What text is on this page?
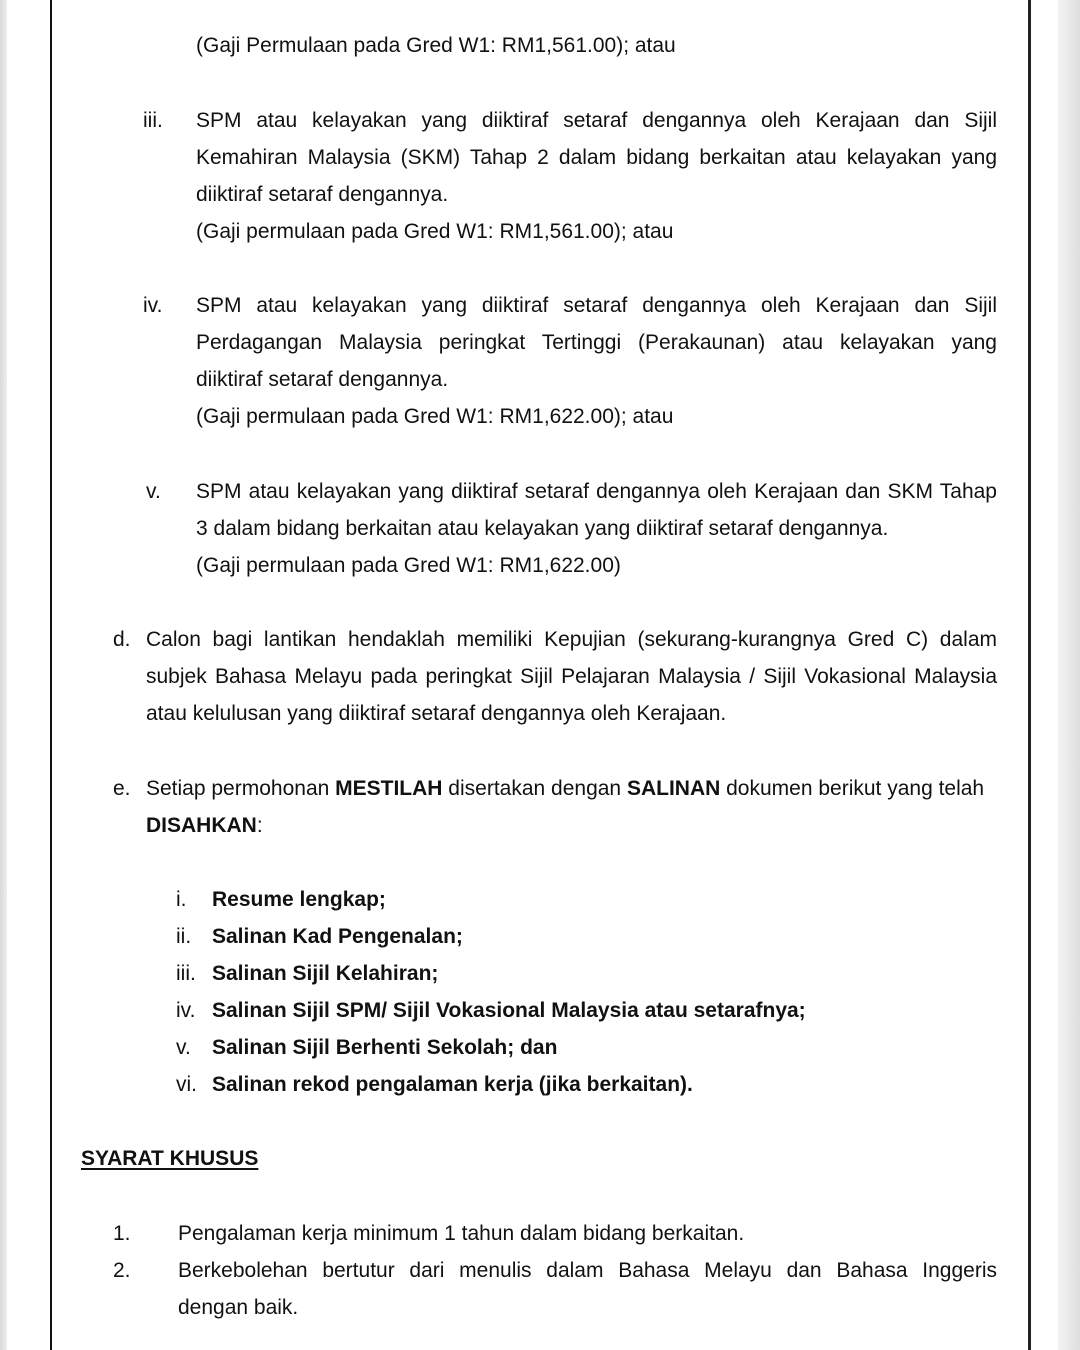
(Gaji Permulaan pada Gred W1: RM1,561.00); atau
iii. SPM atau kelayakan yang diiktiraf setaraf dengannya oleh Kerajaan dan Sijil
Kemahiran Malaysia (SKM) Tahap 2 dalam bidang berkaitan atau kelayakan yang
diiktiraf setaraf dengannya.
(Gaji permulaan pada Gred W1: RM1,561.00); atau
iv. SPM atau kelayakan yang diiktiraf setaraf dengannya oleh Kerajaan dan Sijil
Perdagangan Malaysia peringkat Tertinggi (Perakaunan) atau kelayakan yang
diiktiraf setaraf dengannya.
(Gaji permulaan pada Gred W1: RM1,622.00); atau
v. SPM atau kelayakan yang diiktiraf setaraf dengannya oleh Kerajaan dan SKM Tahap
3 dalam bidang berkaitan atau kelayakan yang diiktiraf setaraf dengannya.
(Gaji permulaan pada Gred W1: RM1,622.00)
d. Calon bagi lantikan hendaklah memiliki Kepujian (sekurang-kurangnya Gred C) dalam
subjek Bahasa Melayu pada peringkat Sijil Pelajaran Malaysia / Sijil Vokasional Malaysia
atau kelulusan yang diiktiraf setaraf dengannya oleh Kerajaan.
e. Setiap permohonan MESTILAH disertakan dengan SALINAN dokumen berikut yang telah
DISAHKAN:
i. Resume lengkap;
ii. Salinan Kad Pengenalan;
iii. Salinan Sijil Kelahiran;
iv. Salinan Sijil SPM/ Sijil Vokasional Malaysia atau setarafnya;
v. Salinan Sijil Berhenti Sekolah; dan
vi. Salinan rekod pengalaman kerja (jika berkaitan).
SYARAT KHUSUS
1. Pengalaman kerja minimum 1 tahun dalam bidang berkaitan.
2. Berkebolehan bertutur dari menulis dalam Bahasa Melayu dan Bahasa Inggeris
dengan baik.
